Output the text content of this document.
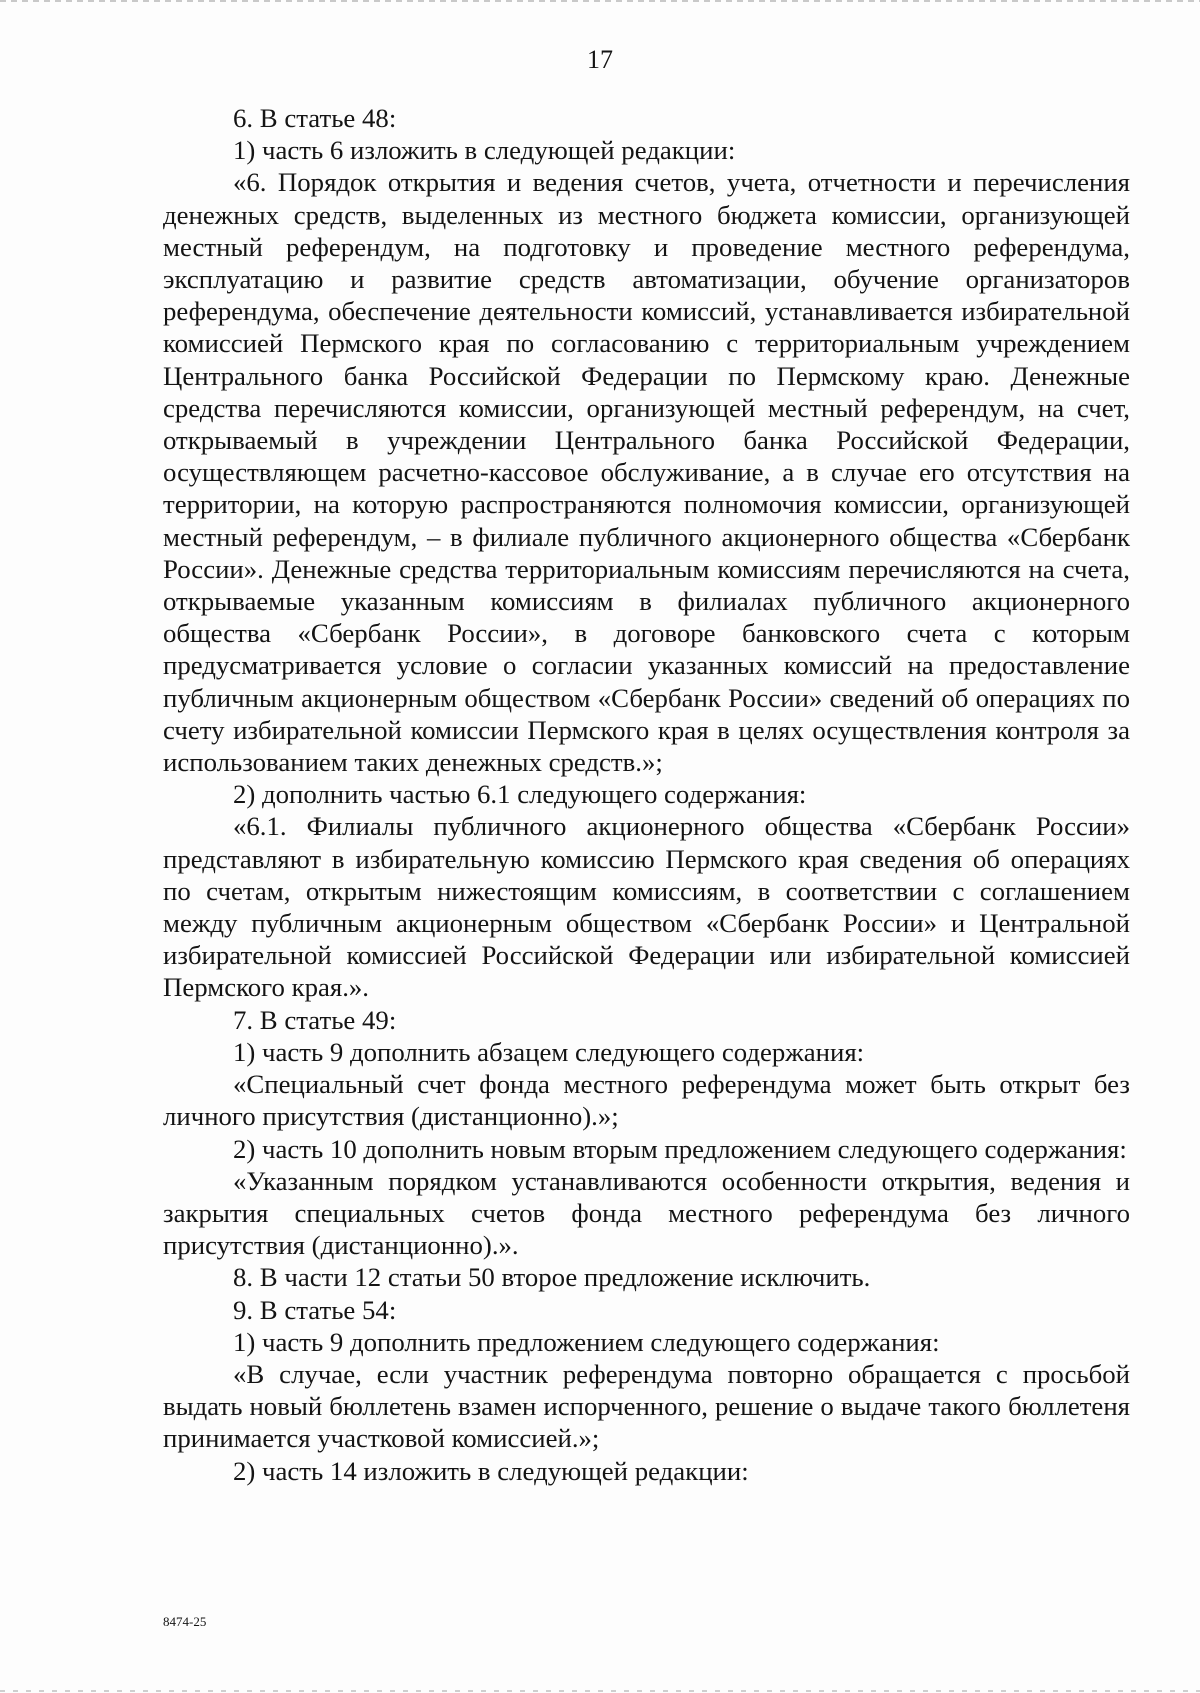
17

6. В статье 48:

1) часть 6 изложить в следующей редакции:

«6. Порядок открытия и ведения счетов, учета, отчетности и перечисления денежных средств, выделенных из местного бюджета комиссии, организующей местный референдум, на подготовку и проведение местного референдума, эксплуатацию и развитие средств автоматизации, обучение организаторов референдума, обеспечение деятельности комиссий, устанавливается избирательной комиссией Пермского края по согласованию с территориальным учреждением Центрального банка Российской Федерации по Пермскому краю. Денежные средства перечисляются комиссии, организующей местный референдум, на счет, открываемый в учреждении Центрального банка Российской Федерации, осуществляющем расчетно-кассовое обслуживание, а в случае его отсутствия на территории, на которую распространяются полномочия комиссии, организующей местный референдум, – в филиале публичного акционерного общества «Сбербанк России». Денежные средства территориальным комиссиям перечисляются на счета, открываемые указанным комиссиям в филиалах публичного акционерного общества «Сбербанк России», в договоре банковского счета с которым предусматривается условие о согласии указанных комиссий на предоставление публичным акционерным обществом «Сбербанк России» сведений об операциях по счету избирательной комиссии Пермского края в целях осуществления контроля за использованием таких денежных средств.»;

2) дополнить частью 6.1 следующего содержания:

«6.1. Филиалы публичного акционерного общества «Сбербанк России» представляют в избирательную комиссию Пермского края сведения об операциях по счетам, открытым нижестоящим комиссиям, в соответствии с соглашением между публичным акционерным обществом «Сбербанк России» и Центральной избирательной комиссией Российской Федерации или избирательной комиссией Пермского края.».

7. В статье 49:

1) часть 9 дополнить абзацем следующего содержания:

«Специальный счет фонда местного референдума может быть открыт без личного присутствия (дистанционно).»;

2) часть 10 дополнить новым вторым предложением следующего содержания:

«Указанным порядком устанавливаются особенности открытия, ведения и закрытия специальных счетов фонда местного референдума без личного присутствия (дистанционно).».

8. В части 12 статьи 50 второе предложение исключить.

9. В статье 54:

1) часть 9 дополнить предложением следующего содержания:

«В случае, если участник референдума повторно обращается с просьбой выдать новый бюллетень взамен испорченного, решение о выдаче такого бюллетеня принимается участковой комиссией.»;

2) часть 14 изложить в следующей редакции:

8474-25
